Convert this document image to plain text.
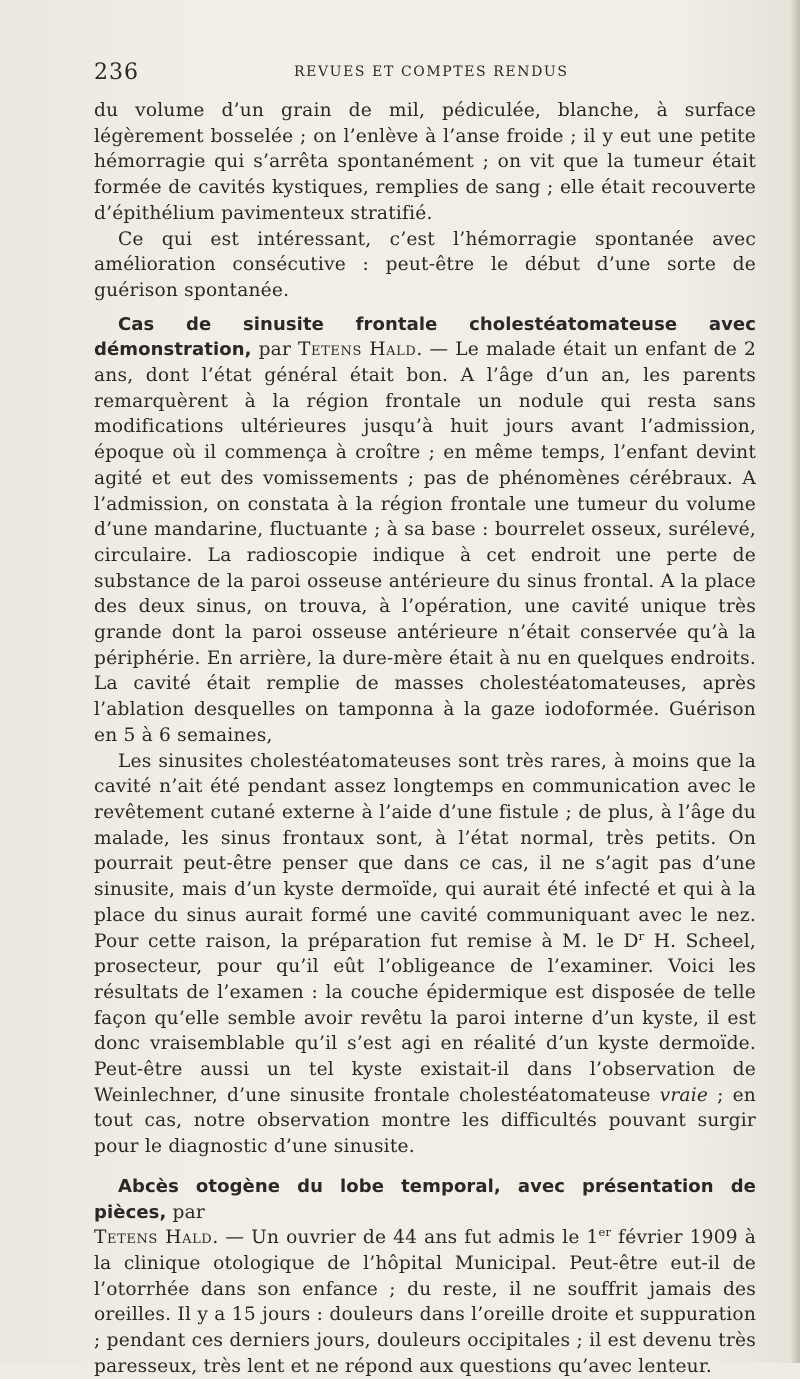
236	REVUES ET COMPTES RENDUS

du volume d’un grain de mil, pédiculée, blanche, à surface légèrement bosselée ; on l’enlève à l’anse froide ; il y eut une petite hémorragie qui s’arrêta spontanément ; on vit que la tumeur était formée de cavités kystiques, remplies de sang ; elle était recouverte d’épithélium pavimenteux stratifié.

Ce qui est intéressant, c’est l’hémorragie spontanée avec amélioration consécutive : peut-être le début d’une sorte de guérison spontanée.

Cas de sinusite frontale cholestéatomateuse avec démonstration, par Tetens Hald. — Le malade était un enfant de 2 ans, dont l’état général était bon. A l’âge d’un an, les parents remarquèrent à la région frontale un nodule qui resta sans modifications ultérieures jusqu’à huit jours avant l’admission, époque où il commença à croître ; en même temps, l’enfant devint agité et eut des vomissements ; pas de phénomènes cérébraux. A l’admission, on constata à la région frontale une tumeur du volume d’une mandarine, fluctuante ; à sa base : bourrelet osseux, surélevé, circulaire. La radioscopie indique à cet endroit une perte de substance de la paroi osseuse antérieure du sinus frontal. A la place des deux sinus, on trouva, à l’opération, une cavité unique très grande dont la paroi osseuse antérieure n’était conservée qu’à la périphérie. En arrière, la dure-mère était à nu en quelques endroits. La cavité était remplie de masses cholestéatomateuses, après l’ablation desquelles on tamponna à la gaze iodoformée. Guérison en 5 à 6 semaines,

Les sinusites cholestéatomateuses sont très rares, à moins que la cavité n’ait été pendant assez longtemps en communication avec le revêtement cutané externe à l’aide d’une fistule ; de plus, à l’âge du malade, les sinus frontaux sont, à l’état normal, très petits. On pourrait peut-être penser que dans ce cas, il ne s’agit pas d’une sinusite, mais d’un kyste dermoïde, qui aurait été infecté et qui à la place du sinus aurait formé une cavité communiquant avec le nez. Pour cette raison, la préparation fut remise à M. le $D^r$ H. Scheel, prosecteur, pour qu’il eût l’obligeance de l’examiner. Voici les résultats de l’examen : la couche épidermique est disposée de telle façon qu’elle semble avoir revêtu la paroi interne d’un kyste, il est donc vraisemblable qu’il s’est agi en réalité d’un kyste dermoïde. Peut-être aussi un tel kyste existait-il dans l’observation de Weinlechner, d’une sinusite frontale cholestéatomateuse vraie ; en tout cas, notre observation montre les difficultés pouvant surgir pour le diagnostic d’une sinusite.

Abcès otogène du lobe temporal, avec présentation de pièces, par
Tetens Hald. — Un ouvrier de 44 ans fut admis le 1er février 1909 à la clinique otologique de l’hôpital Municipal. Peut-être eut-il de l’otorrhée dans son enfance ; du reste, il ne souffrit jamais des oreilles. Il y a 15 jours : douleurs dans l’oreille droite et suppuration ; pendant ces derniers jours, douleurs occipitales ; il est devenu très paresseux, très lent et ne répond aux questions qu’avec lenteur.
